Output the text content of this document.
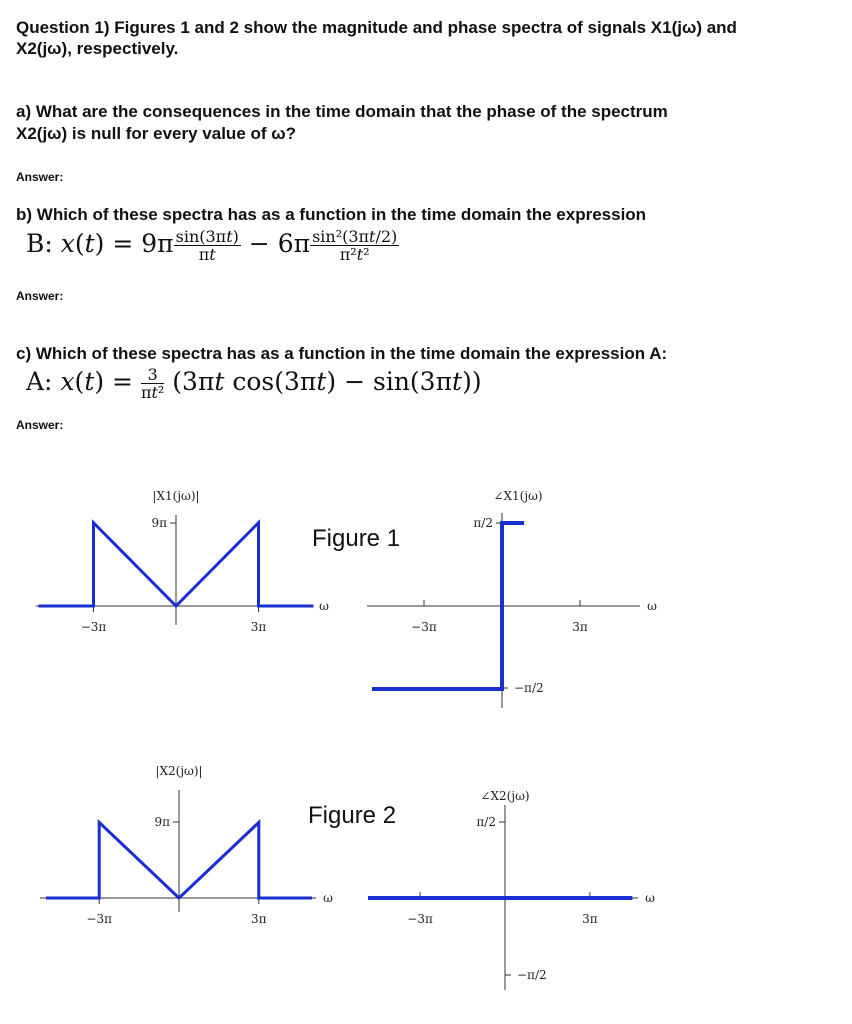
Question 1) Figures 1 and 2 show the magnitude and phase spectra of signals X1(jω) and
X2(jω), respectively.
a) What are the consequences in the time domain that the phase of the spectrum
X2(jω) is null for every value of ω?
Answer:
b) Which of these spectra has as a function in the time domain the expression
B: $x(t) = 9\pi \frac{\sin(3\pi t)}{\pi t} - 6\pi \frac{\text{sin²(3πt/2)}}{\text{π²t²}}$
Answer:
c) Which of these spectra has as a function in the time domain the expression A:
A: $x(t) = \frac{3}{\text{πt²}} (3\pi t$ cos(3πt) − sin(3πt))
Answer:
Figure 1
Figure 2
ω
|X1(jω)|
−3π	3π
9π
ω
∠X1(jω)
−3π	3π
π/2
−π/2
ω
|X2(jω)|
−3π	3π
9π
ω
∠X2(jω)
−3π	3π
π/2
−π/2
